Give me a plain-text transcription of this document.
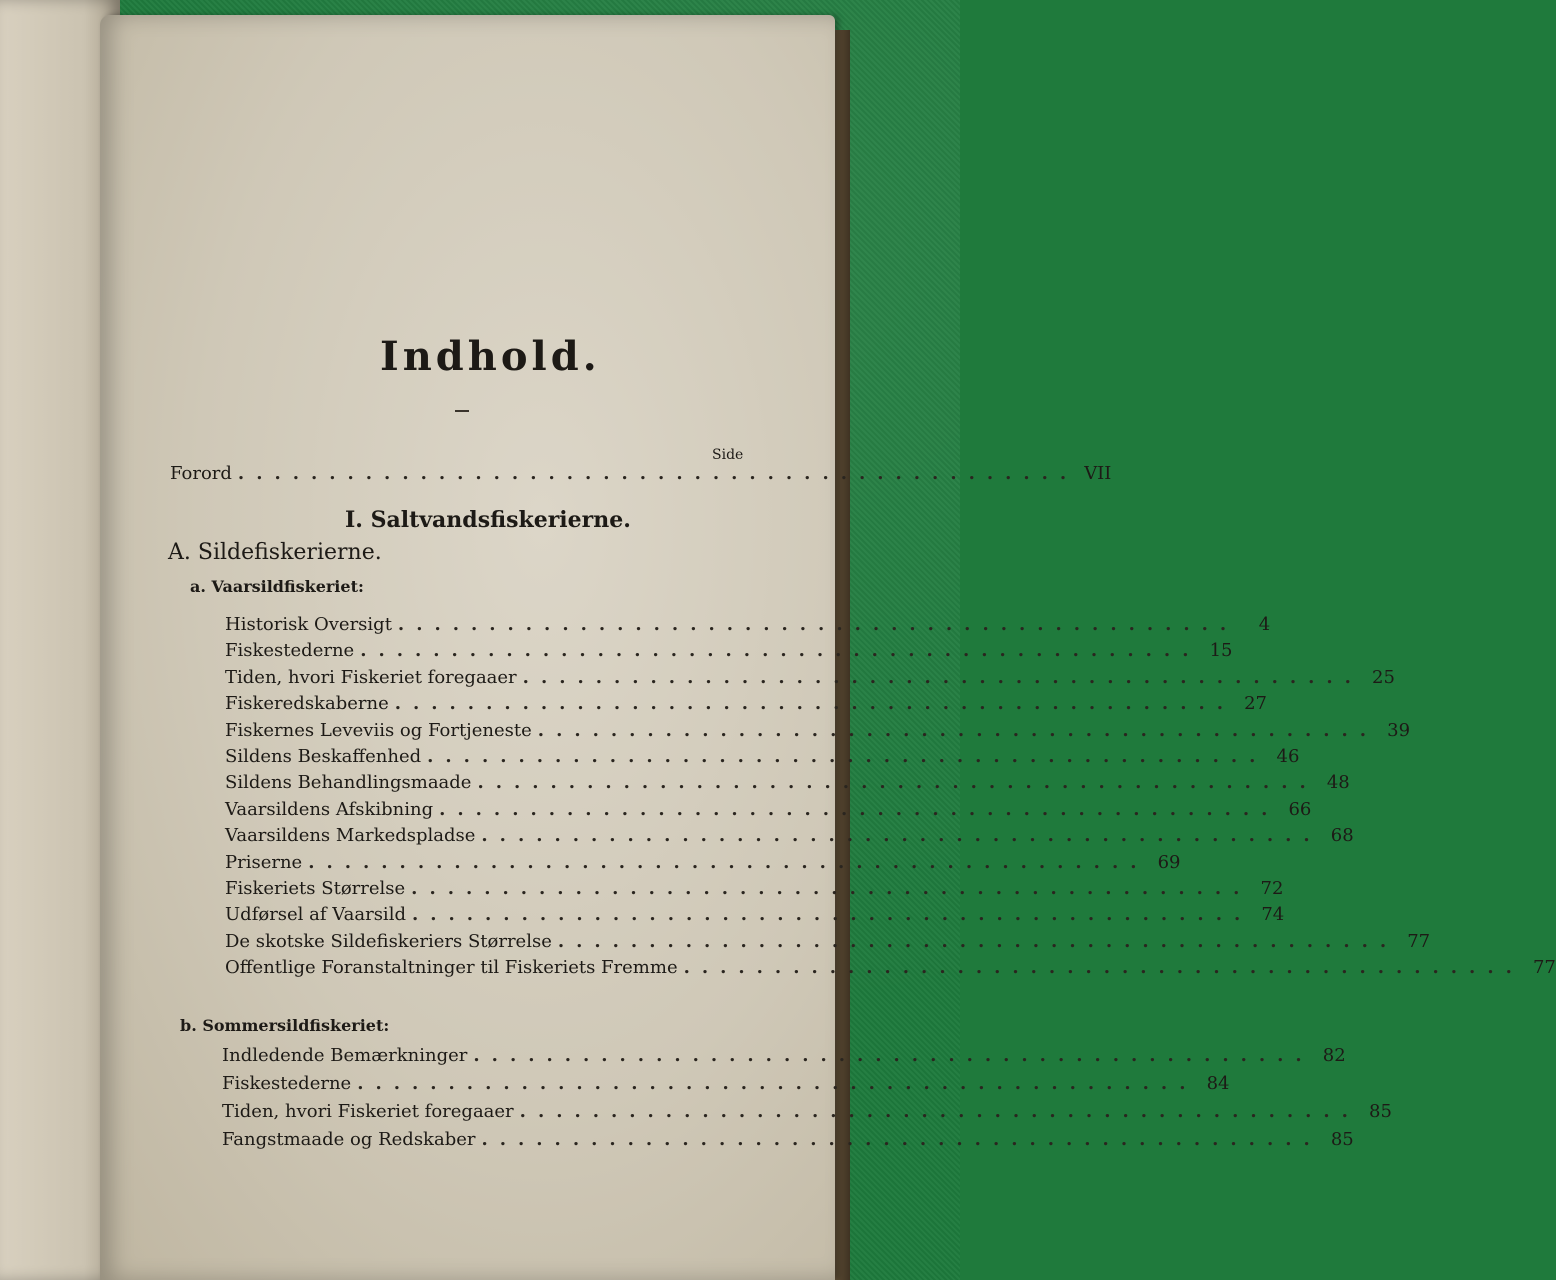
Indhold.
Side
Forord .............................................. VII
I. Saltvandsfiskerierne.
A. Sildefiskerierne.
a. Vaarsildfiskeriet:
Historisk Oversigt ..............................................	4
Fiskestederne .............................................. 15
Tiden, hvori Fiskeriet foregaaer .............................................. 25
Fiskeredskaberne .............................................. 27
Fiskernes Leveviis og Fortjeneste .............................................. 39
Sildens Beskaffenhed .............................................. 46
Sildens Behandlingsmaade .............................................. 48
Vaarsildens Afskibning .............................................. 66
Vaarsildens Markedspladse .............................................. 68
Priserne .............................................. 69
Fiskeriets Størrelse .............................................. 72
Udførsel af Vaarsild .............................................. 74
De skotske Sildefiskeriers Størrelse .............................................. 77
Offentlige Foranstaltninger til Fiskeriets Fremme .............................................. 77
b. Sommersildfiskeriet:
Indledende Bemærkninger .............................................. 82
Fiskestederne .............................................. 84
Tiden, hvori Fiskeriet foregaaer .............................................. 85
Fangstmaade og Redskaber .............................................. 85
